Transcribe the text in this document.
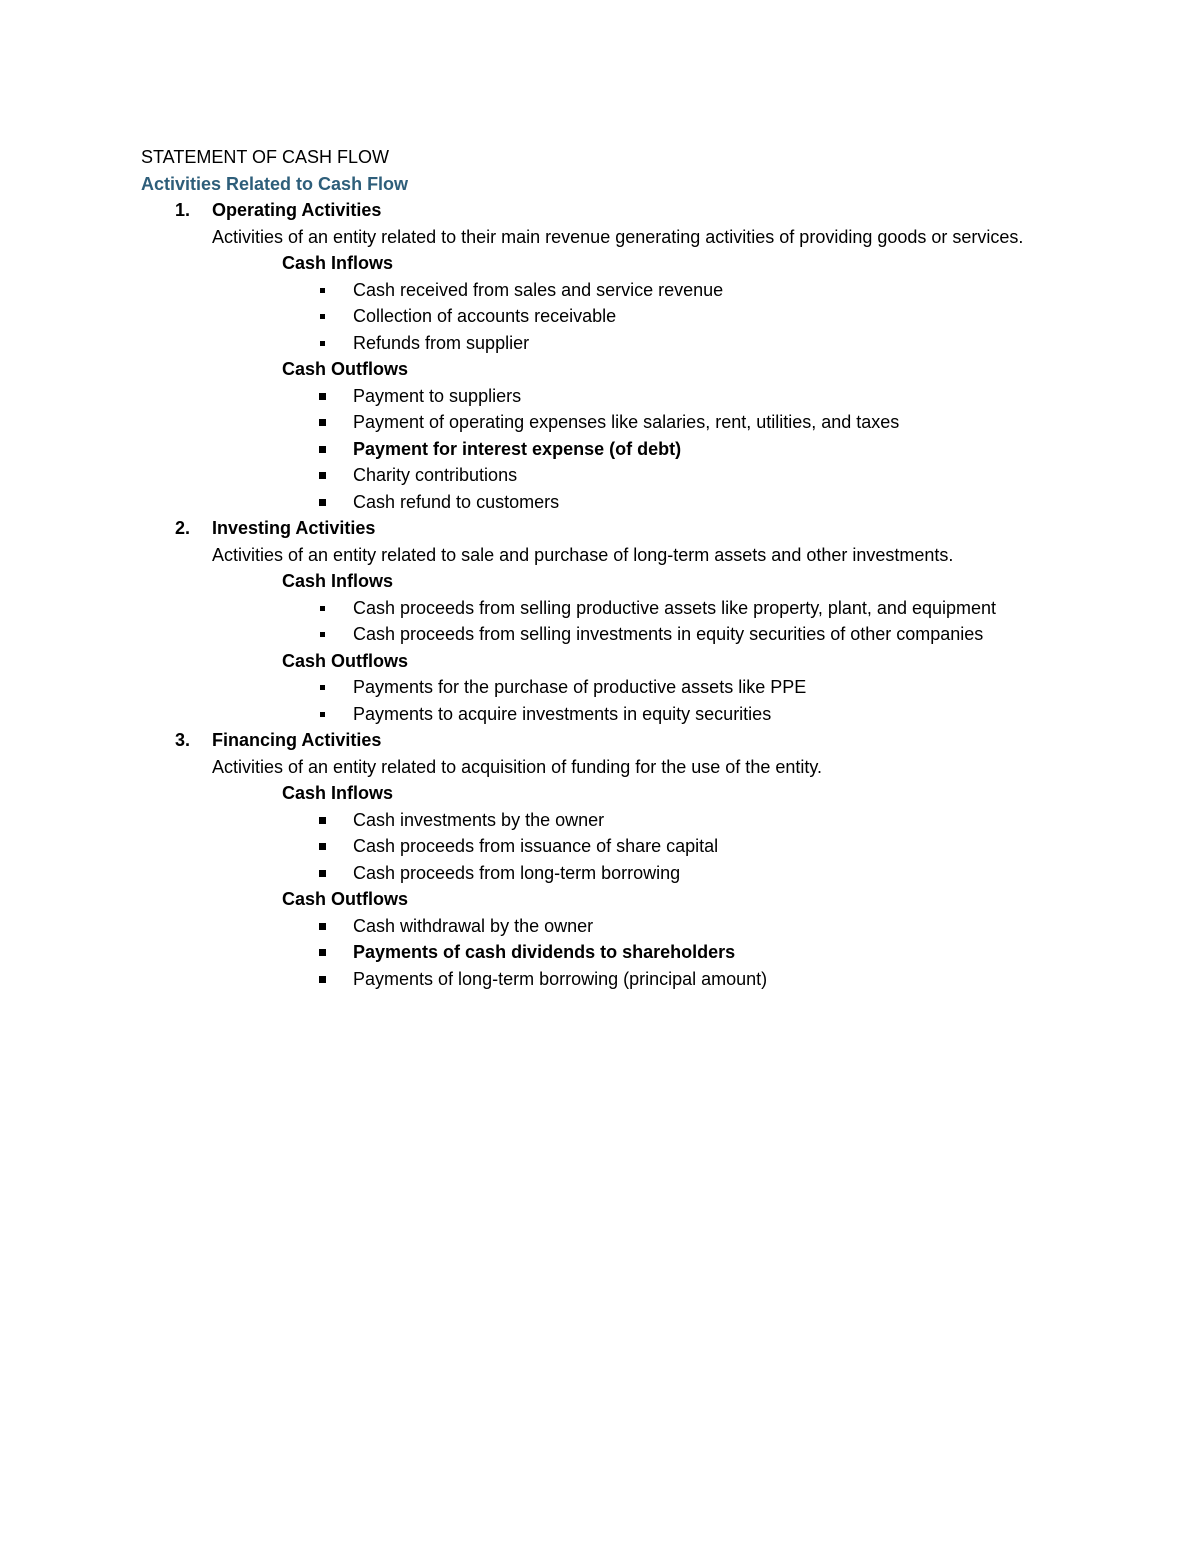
STATEMENT OF CASH FLOW
Activities Related to Cash Flow
1. Operating Activities

Activities of an entity related to their main revenue generating activities of providing goods or services.

Cash Inflows
Cash received from sales and service revenue
Collection of accounts receivable
Refunds from supplier
Cash Outflows
Payment to suppliers
Payment of operating expenses like salaries, rent, utilities, and taxes
Payment for interest expense (of debt)
Charity contributions
Cash refund to customers
2. Investing Activities

Activities of an entity related to sale and purchase of long-term assets and other investments.

Cash Inflows
Cash proceeds from selling productive assets like property, plant, and equipment
Cash proceeds from selling investments in equity securities of other companies
Cash Outflows
Payments for the purchase of productive assets like PPE
Payments to acquire investments in equity securities
3. Financing Activities

Activities of an entity related to acquisition of funding for the use of the entity.

Cash Inflows
Cash investments by the owner
Cash proceeds from issuance of share capital
Cash proceeds from long-term borrowing
Cash Outflows
Cash withdrawal by the owner
Payments of cash dividends to shareholders
Payments of long-term borrowing (principal amount)
